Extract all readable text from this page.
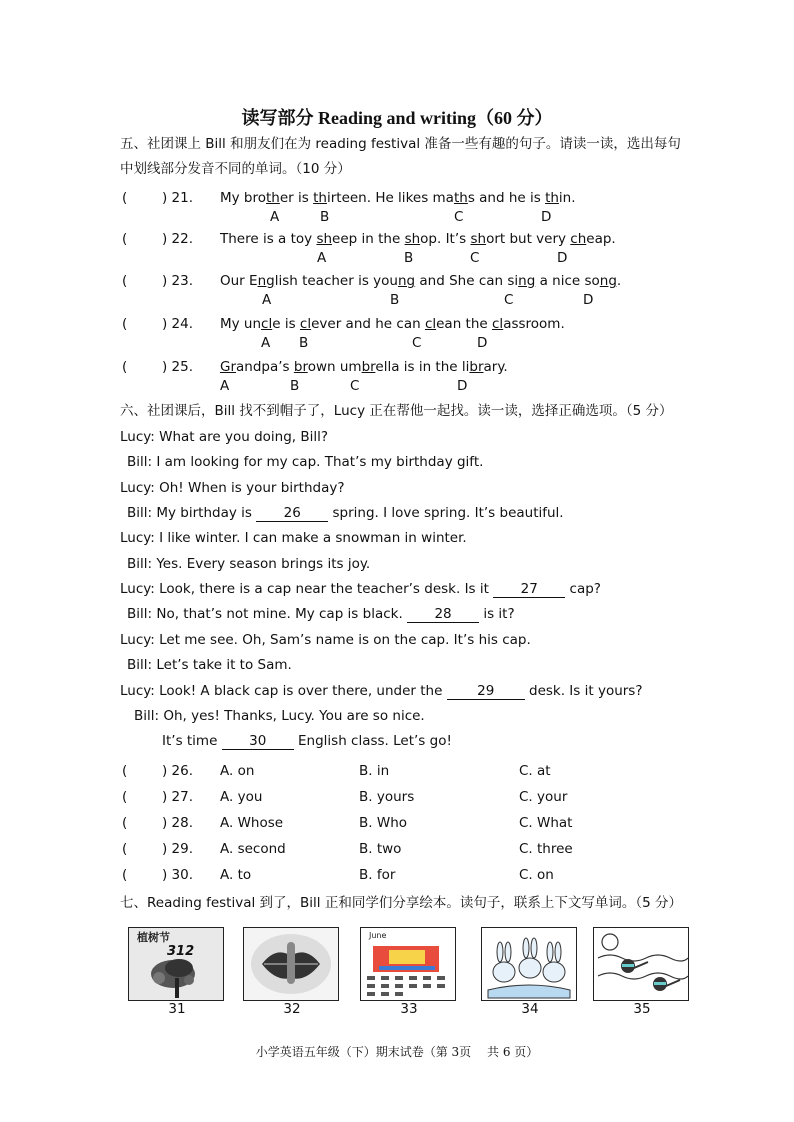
读写部分 Reading and writing（60 分）
五、社团课上 Bill 和朋友们在为 reading festival 准备一些有趣的句子。请读一读，选出每句中划线部分发音不同的单词。（10 分）
(	) 21. My brother is thirteen. He likes maths and he is thin.
A	B	C	D
(	) 22. There is a toy sheep in the shop. It’s short but very cheap.
A	B	C	D
(	) 23. Our English teacher is young and She can sing a nice song.
A	B	C	D
(	) 24. My uncle is clever and he can clean the classroom.
A B	C	D
(	) 25. Grandpa’s brown umbrella is in the library.
A	B	C	D
六、社团课后，Bill 找不到帽子了，Lucy 正在帮他一起找。读一读，选择正确选项。（5 分）
Lucy: What are you doing, Bill?
Bill: I am looking for my cap. That’s my birthday gift.
Lucy: Oh! When is your birthday?
Bill: My birthday is 26 spring. I love spring. It’s beautiful.
Lucy: I like winter. I can make a snowman in winter.
Bill: Yes. Every season brings its joy.
Lucy: Look, there is a cap near the teacher’s desk. Is it 27 cap?
Bill: No, that’s not mine. My cap is black. 28 is it?
Lucy: Let me see. Oh, Sam’s name is on the cap. It’s his cap.
Bill: Let’s take it to Sam.
Lucy: Look! A black cap is over there, under the	29	desk. Is it yours?
Bill: Oh, yes! Thanks, Lucy. You are so nice.
It’s time 30 English class. Let’s go!
(	) 26. A. on	B. in	C. at
(	) 27. A. you	B. yours	C. your
(	) 28. A. Whose	B. Who	C. What
(	) 29. A. second	B. two	C. three
(	) 30. A. to	B. for	C. on
七、Reading festival 到了，Bill 正和同学们分享绘本。读句子，联系上下文写单词。（5 分）
植树节
312
June
31	32	33	34	35
小学英语五年级（下）期末试卷（第 3页　 共 6 页）
